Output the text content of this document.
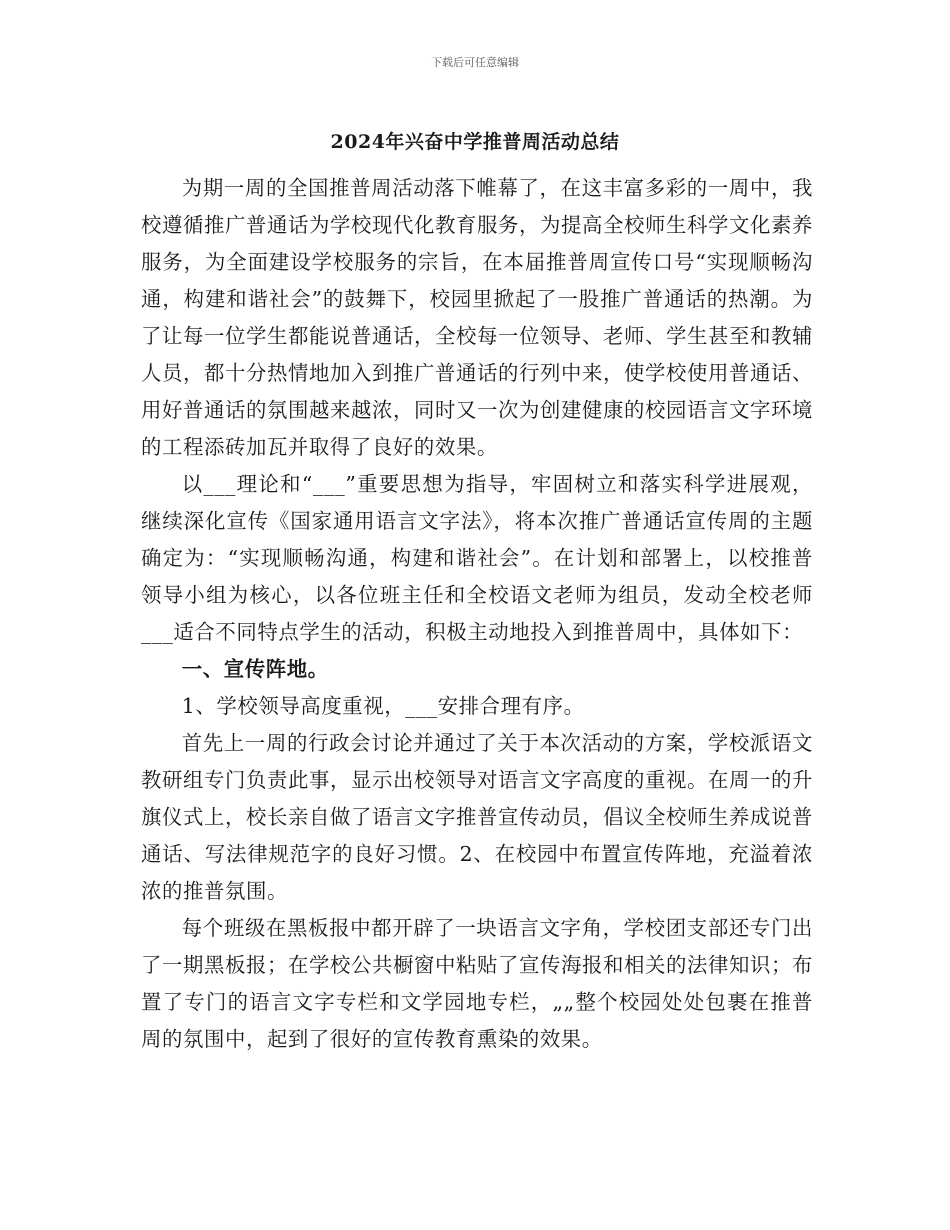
下载后可任意编辑
2024年兴奋中学推普周活动总结

为期一周的全国推普周活动落下帷幕了，在这丰富多彩的一周中，我校遵循推广普通话为学校现代化教育服务，为提高全校师生科学文化素养服务，为全面建设学校服务的宗旨，在本届推普周宣传口号“实现顺畅沟通，构建和谐社会”的鼓舞下，校园里掀起了一股推广普通话的热潮。为了让每一位学生都能说普通话，全校每一位领导、老师、学生甚至和教辅人员，都十分热情地加入到推广普通话的行列中来，使学校使用普通话、用好普通话的氛围越来越浓，同时又一次为创建健康的校园语言文字环境的工程添砖加瓦并取得了良好的效果。

以___理论和“___”重要思想为指导，牢固树立和落实科学进展观，继续深化宣传《国家通用语言文字法》，将本次推广普通话宣传周的主题确定为：“实现顺畅沟通，构建和谐社会”。在计划和部署上，以校推普领导小组为核心，以各位班主任和全校语文老师为组员，发动全校老师___适合不同特点学生的活动，积极主动地投入到推普周中，具体如下：

一、宣传阵地。

1、学校领导高度重视，___安排合理有序。

首先上一周的行政会讨论并通过了关于本次活动的方案，学校派语文教研组专门负责此事，显示出校领导对语言文字高度的重视。在周一的升旗仪式上，校长亲自做了语言文字推普宣传动员，倡议全校师生养成说普通话、写法律规范字的良好习惯。2、在校园中布置宣传阵地，充溢着浓浓的推普氛围。

每个班级在黑板报中都开辟了一块语言文字角，学校团支部还专门出了一期黑板报；在学校公共橱窗中粘贴了宣传海报和相关的法律知识；布置了专门的语言文字专栏和文学园地专栏，„„整个校园处处包裹在推普周的氛围中，起到了很好的宣传教育熏染的效果。
